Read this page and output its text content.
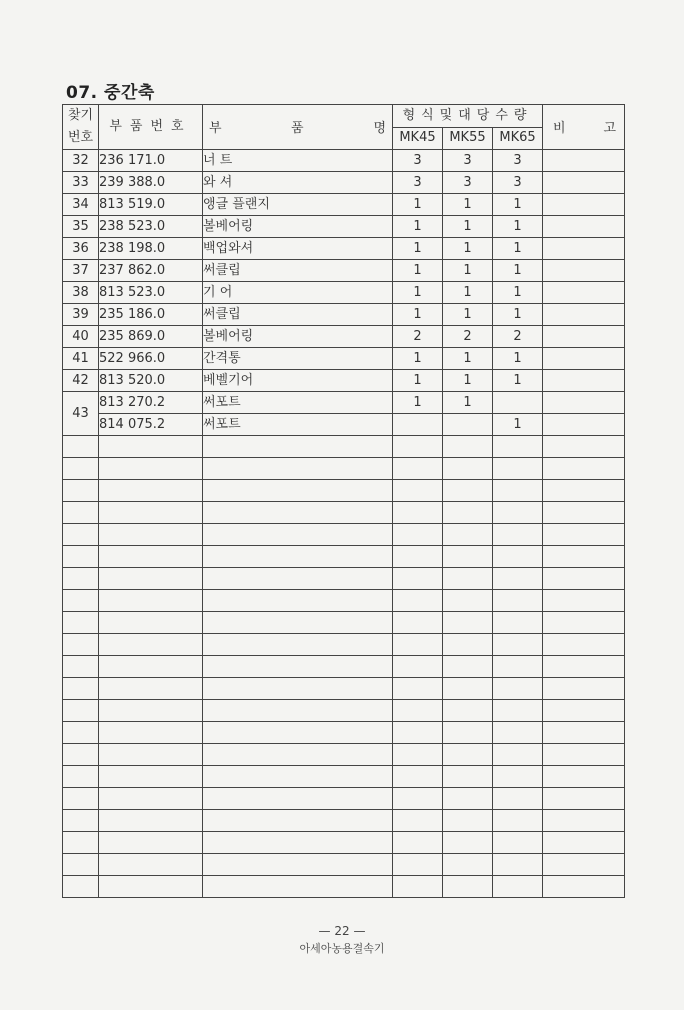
07. 중간축
찾기
번호	부품번호	부 품 명	형식및대당수량			비 고

			MK45	MK55	MK65	
32	236 171.0	너 트	3	3	3	
33	239 388.0	와 셔	3	3	3	
34	813 519.0	앵글 플랜지	1	1	1	
35	238 523.0	볼베어링	1	1	1	
36	238 198.0	백업와셔	1	1	1	
37	237 862.0	써클립	1	1	1	
38	813 523.0	기 어	1	1	1	
39	235 186.0	써클립	1	1	1	
40	235 869.0	볼베어링	2	2	2	
41	522 966.0	간격통	1	1	1	
42	813 520.0	베벨기어	1	1	1	
43	813 270.2	써포트	1	1		
	814 075.2	써포트			1	

— 22 —
아세아농용결속기
